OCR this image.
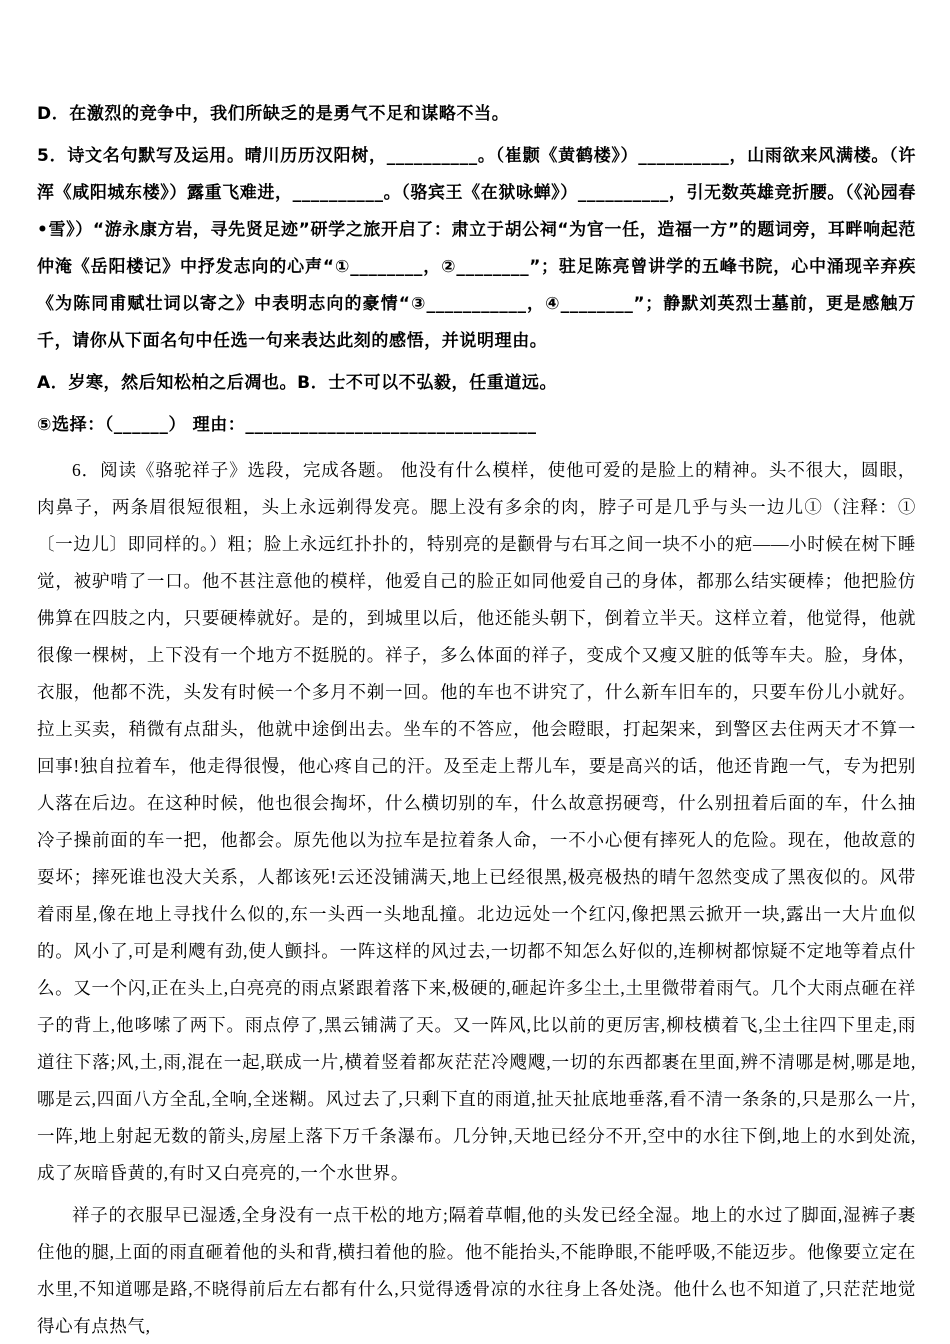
D．在激烈的竞争中，我们所缺乏的是勇气不足和谋略不当。

5．诗文名句默写及运用。晴川历历汉阳树，__________。（崔颢《黄鹤楼》）__________，山雨欲来风满楼。（许浑《咸阳城东楼》）露重飞难进，__________。（骆宾王《在狱咏蝉》）__________，引无数英雄竞折腰。（《沁园春•雪》）“游永康方岩，寻先贤足迹”研学之旅开启了：肃立于胡公祠“为官一任，造福一方”的题词旁，耳畔响起范仲淹《岳阳楼记》中抒发志向的心声“①________，②________”；驻足陈亮曾讲学的五峰书院，心中涌现辛弃疾《为陈同甫赋壮词以寄之》中表明志向的豪情“③___________，④________”；静默刘英烈士墓前，更是感触万千，请你从下面名句中任选一句来表达此刻的感悟，并说明理由。

A．岁寒，然后知松柏之后凋也。B．士不可以不弘毅，任重道远。

⑤选择：（______） 理由：________________________________

6．阅读《骆驼祥子》选段，完成各题。 他没有什么模样，使他可爱的是脸上的精神。头不很大，圆眼，肉鼻子，两条眉很短很粗，头上永远剃得发亮。腮上没有多余的肉，脖子可是几乎与头一边儿①（注释：①〔一边儿〕即同样的。）粗；脸上永远红扑扑的，特别亮的是颧骨与右耳之间一块不小的疤——小时候在树下睡觉，被驴啃了一口。他不甚注意他的模样，他爱自己的脸正如同他爱自己的身体，都那么结实硬棒；他把脸仿佛算在四肢之内，只要硬棒就好。是的，到城里以后，他还能头朝下，倒着立半天。这样立着，他觉得，他就很像一棵树，上下没有一个地方不挺脱的。祥子，多么体面的祥子，变成个又瘦又脏的低等车夫。脸，身体，衣服，他都不洗，头发有时候一个多月不剃一回。他的车也不讲究了，什么新车旧车的，只要车份儿小就好。拉上买卖，稍微有点甜头，他就中途倒出去。坐车的不答应，他会瞪眼，打起架来，到警区去住两天才不算一回事!独自拉着车，他走得很慢，他心疼自己的汗。及至走上帮儿车，要是高兴的话，他还肯跑一气，专为把别人落在后边。在这种时候，他也很会掏坏，什么横切别的车，什么故意拐硬弯，什么别扭着后面的车，什么抽冷子操前面的车一把，他都会。原先他以为拉车是拉着条人命，一不小心便有摔死人的危险。现在，他故意的耍坏；摔死谁也没大关系，人都该死!云还没铺满天,地上已经很黑,极亮极热的晴午忽然变成了黑夜似的。风带着雨星,像在地上寻找什么似的,东一头西一头地乱撞。北边远处一个红闪,像把黑云掀开一块,露出一大片血似的。风小了,可是利飕有劲,使人颤抖。一阵这样的风过去,一切都不知怎么好似的,连柳树都惊疑不定地等着点什么。又一个闪,正在头上,白亮亮的雨点紧跟着落下来,极硬的,砸起许多尘土,土里微带着雨气。几个大雨点砸在祥子的背上,他哆嗦了两下。雨点停了,黑云铺满了天。又一阵风,比以前的更厉害,柳枝横着飞,尘土往四下里走,雨道往下落;风,土,雨,混在一起,联成一片,横着竖着都灰茫茫冷飕飕,一切的东西都裹在里面,辨不清哪是树,哪是地,哪是云,四面八方全乱,全响,全迷糊。风过去了,只剩下直的雨道,扯天扯底地垂落,看不清一条条的,只是那么一片,一阵,地上射起无数的箭头,房屋上落下万千条瀑布。几分钟,天地已经分不开,空中的水往下倒,地上的水到处流,成了灰暗昏黄的,有时又白亮亮的,一个水世界。

祥子的衣服早已湿透,全身没有一点干松的地方;隔着草帽,他的头发已经全湿。地上的水过了脚面,湿裤子裹住他的腿,上面的雨直砸着他的头和背,横扫着他的脸。他不能抬头,不能睁眼,不能呼吸,不能迈步。他像要立定在水里,不知道哪是路,不晓得前后左右都有什么,只觉得透骨凉的水往身上各处浇。他什么也不知道了,只茫茫地觉得心有点热气,
